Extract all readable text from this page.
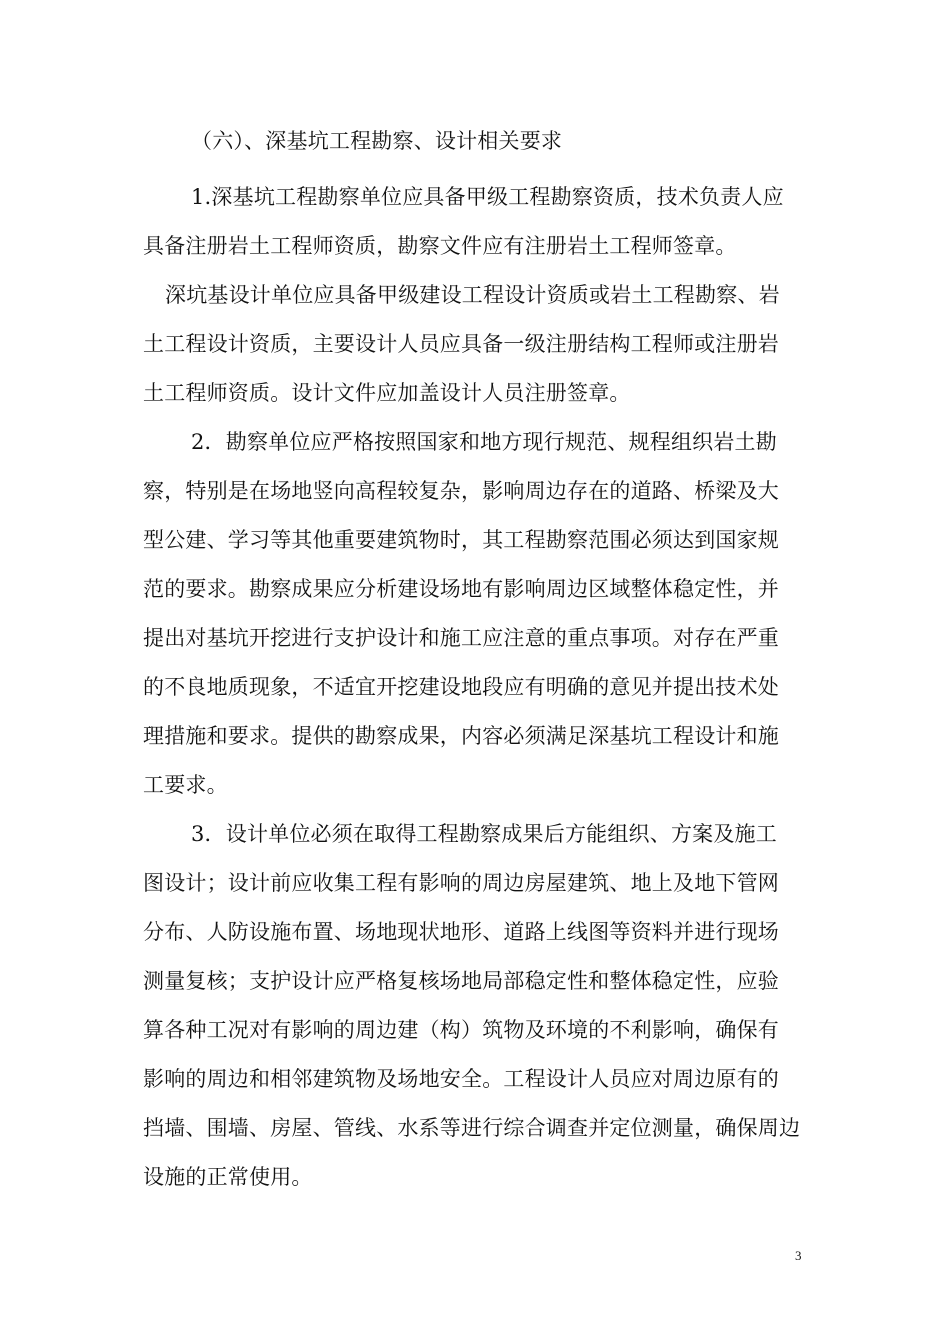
（六）、深基坑工程勘察、设计相关要求
1.深基坑工程勘察单位应具备甲级工程勘察资质，技术负责人应
具备注册岩土工程师资质，勘察文件应有注册岩土工程师签章。
深坑基设计单位应具备甲级建设工程设计资质或岩土工程勘察、岩
土工程设计资质，主要设计人员应具备一级注册结构工程师或注册岩
土工程师资质。设计文件应加盖设计人员注册签章。
2．勘察单位应严格按照国家和地方现行规范、规程组织岩土勘
察，特别是在场地竖向高程较复杂，影响周边存在的道路、桥梁及大
型公建、学习等其他重要建筑物时，其工程勘察范围必须达到国家规
范的要求。勘察成果应分析建设场地有影响周边区域整体稳定性，并
提出对基坑开挖进行支护设计和施工应注意的重点事项。对存在严重
的不良地质现象，不适宜开挖建设地段应有明确的意见并提出技术处
理措施和要求。提供的勘察成果，内容必须满足深基坑工程设计和施
工要求。
3．设计单位必须在取得工程勘察成果后方能组织、方案及施工
图设计；设计前应收集工程有影响的周边房屋建筑、地上及地下管网
分布、人防设施布置、场地现状地形、道路上线图等资料并进行现场
测量复核；支护设计应严格复核场地局部稳定性和整体稳定性，应验
算各种工况对有影响的周边建（构）筑物及环境的不利影响，确保有
影响的周边和相邻建筑物及场地安全。工程设计人员应对周边原有的
挡墙、围墙、房屋、管线、水系等进行综合调查并定位测量，确保周边
设施的正常使用。
3
